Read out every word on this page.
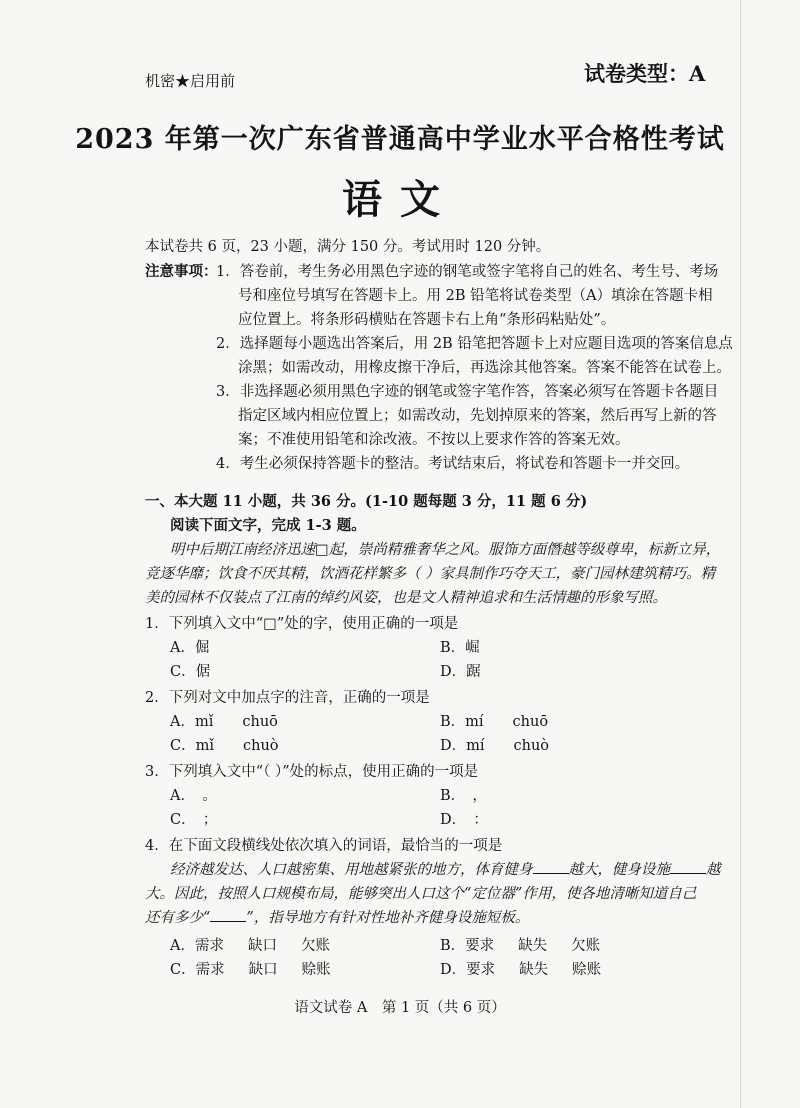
机密★启用前	试卷类型：A
2023 年第一次广东省普通高中学业水平合格性考试
语文
本试卷共 6 页，23 小题，满分 150 分。考试用时 120 分钟。
注意事项：
1．答卷前，考生务必用黑色字迹的钢笔或签字笔将自己的姓名、考生号、考场
号和座位号填写在答题卡上。用 2B 铅笔将试卷类型（A）填涂在答题卡相
应位置上。将条形码横贴在答题卡右上角“条形码粘贴处”。
2．选择题每小题选出答案后，用 2B 铅笔把答题卡上对应题目选项的答案信息点
涂黑；如需改动，用橡皮擦干净后，再选涂其他答案。答案不能答在试卷上。
3．非选择题必须用黑色字迹的钢笔或签字笔作答，答案必须写在答题卡各题目
指定区域内相应位置上；如需改动，先划掉原来的答案，然后再写上新的答
案；不准使用铅笔和涂改液。不按以上要求作答的答案无效。
4．考生必须保持答题卡的整洁。考试结束后，将试卷和答题卡一并交回。
一、本大题 11 小题，共 36 分。(1-10 题每题 3 分，11 题 6 分)
阅读下面文字，完成 1-3 题。
明中后期江南经济迅速□起，崇尚精雅奢华之风。服饰方面僭越等级尊卑，标新立异，
竞逐华靡；饮食不厌其精，饮酒花样繁多（ ）家具制作巧夺天工，豪门园林建筑精巧。精
美的园林不仅装点了江南的绰约风姿，也是文人精神追求和生活情趣的形象写照。
1．下列填入文中“□”处的字，使用正确的一项是
A．倔	B．崛
C．倨	D．踞
2．下列对文中加点字的注音，正确的一项是
A．mǐ　　chuō	B．mí　　chuō
C．mǐ　　chuò	D．mí　　chuò
3．下列填入文中“（ ）”处的标点，使用正确的一项是
A．　。	B．　，
C．　；	D．　：
4．在下面文段横线处依次填入的词语，最恰当的一项是
经济越发达、人口越密集、用地越紧张的地方，体育健身 越大，健身设施 越
大。因此，按照人口规模布局，能够突出人口这个“定位器”作用，使各地清晰知道自己
还有多少“ ”，指导地方有针对性地补齐健身设施短板。
A．需求 缺口 欠账	B．要求 缺失 欠账
C．需求 缺口 赊账	D．要求 缺失 赊账
语文试卷 A　第 1 页（共 6 页）
